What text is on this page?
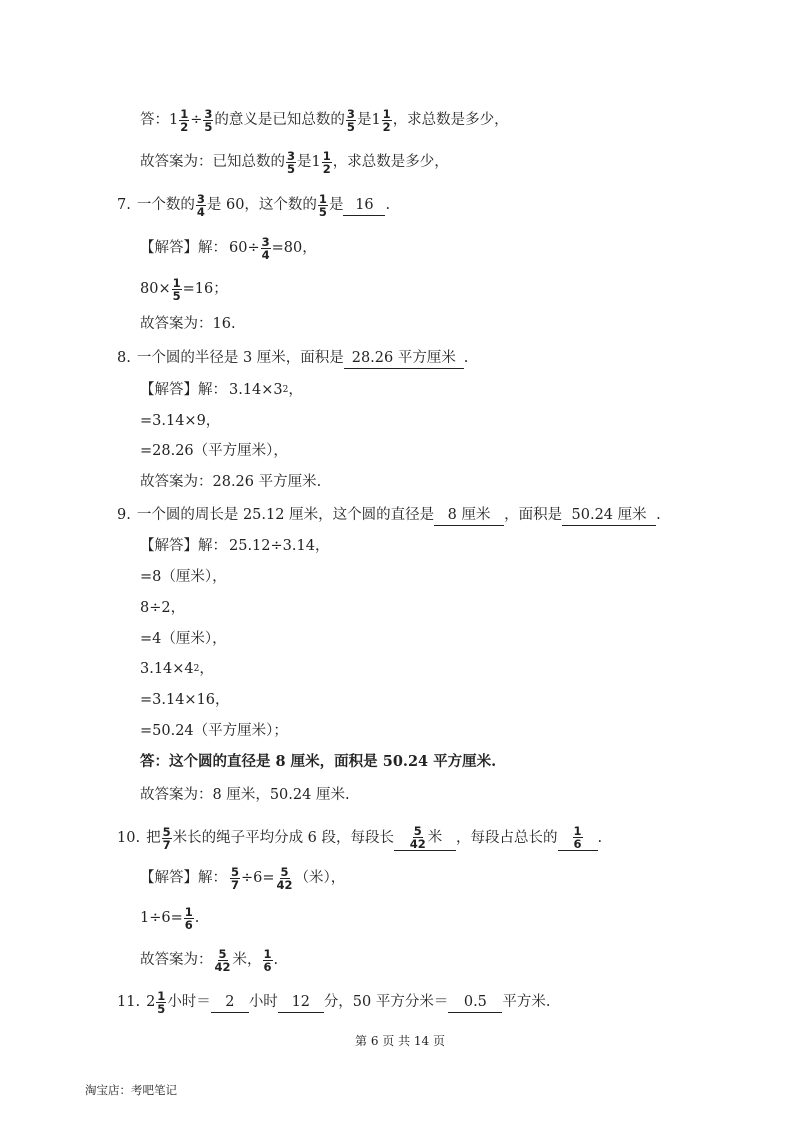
答： $1 \frac{1}{2} \div \frac{3}{5}$ 的意义是已知总数的 $\frac{3}{5}$ 是 $1 \frac{1}{2}$ ，求总数是多少，
故答案为：已知总数的 $\frac{3}{5}$ 是 $1 \frac{1}{2}$ ，求总数是多少，
7. 一个数的 $\frac{3}{4}$ 是 60，这个数的 $\frac{1}{5}$ 是 16 .
【解答】解： $60\div \frac{3}{4} =80$，
$80\times \frac{1}{5} =16$；
故答案为：16.
8. 一个圆的半径是 3 厘米，面积是 28.26 平方厘米 .
【解答】解： 3.14×3 2 ，
=3.14×9，
=28.26（平方厘米），
故答案为：28.26 平方厘米.
9. 一个圆的周长是 25.12 厘米，这个圆的直径是 8 厘米 ，面积是 50.24 厘米 .
【解答】解： 25.12÷3.14，
=8（厘米），
8÷2，
=4（厘米），
3.14×4 2 ，
=3.14×16，
=50.24（平方厘米）；
答：这个圆的直径是 8 厘米，面积是 50.24 平方厘米.
故答案为：8 厘米，50.24 厘米.
10. 把 $\frac{5}{7}$ 米长的绳子平均分成 6 段，每段长 $\frac{5}{42}$ 米 ，每段占总长的 $\frac{1}{6}$ .
【解答】解： $\frac{5}{7} \div 6= \frac{5}{42}$ （米），
$1\div 6= \frac{1}{6}$ .
故答案为： $\frac{5}{42}$ 米， $\frac{1}{6}$ .
11. $2 \frac{1}{5}$ 小时＝ 2 小时 12 分，50 平方分米＝	0.5	平方米.
第 6 页 共 14 页
淘宝店：考吧笔记
